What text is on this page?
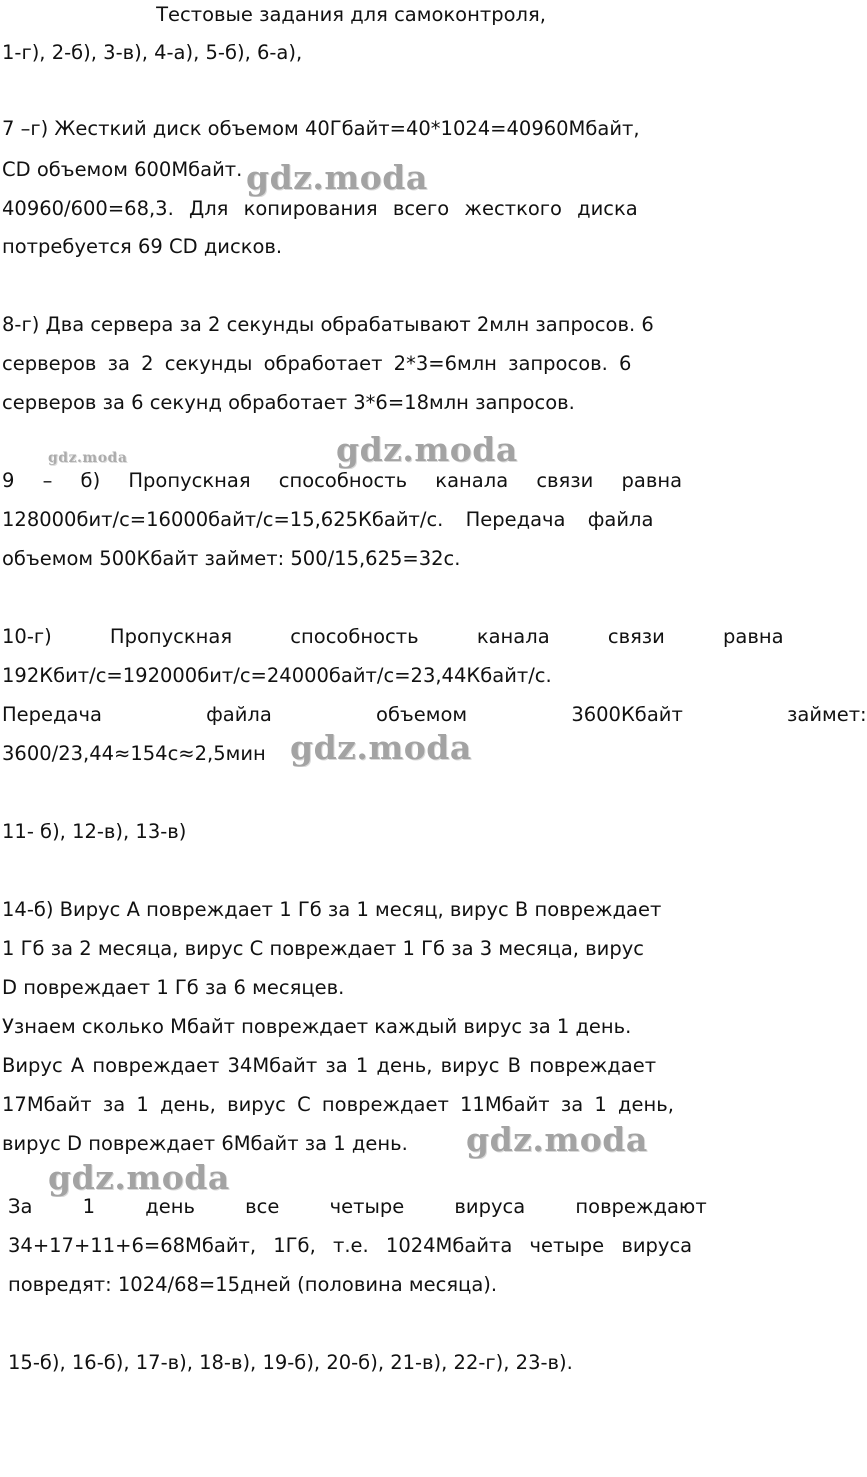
Тестовые задания для самоконтроля,
1-г), 2-б), 3-в), 4-а), 5-б), 6-а),
7 –г) Жесткий диск объемом 40Гбайт=40*1024=40960Мбайт,
CD объемом 600Мбайт.
40960/600=68,3. Для копирования всего жесткого диска
потребуется 69 CD дисков.
8-г) Два сервера за 2 секунды обрабатывают 2млн запросов. 6
серверов за 2 секунды обработает 2*3=6млн запросов. 6
серверов за 6 секунд обработает 3*6=18млн запросов.
9 – б) Пропускная способность канала связи равна
128000бит/с=16000байт/с=15,625Кбайт/с. Передача файла
объемом 500Кбайт займет: 500/15,625=32с.
10-г) Пропускная способность канала связи равна
192Кбит/с=192000бит/с=24000байт/с=23,44Кбайт/с.
Передача файла объемом 3600Кбайт займет:
3600/23,44≈154с≈2,5мин
11- б), 12-в), 13-в)
14-б) Вирус А повреждает 1 Гб за 1 месяц, вирус В повреждает
1 Гб за 2 месяца, вирус С повреждает 1 Гб за 3 месяца, вирус
D повреждает 1 Гб за 6 месяцев.
Узнаем сколько Мбайт повреждает каждый вирус за 1 день.
Вирус А повреждает 34Мбайт за 1 день, вирус В повреждает
17Мбайт за 1 день, вирус С повреждает 11Мбайт за 1 день,
вирус D повреждает 6Мбайт за 1 день.
За 1 день все четыре вируса повреждают
34+17+11+6=68Мбайт, 1Гб, т.е. 1024Мбайта четыре вируса
повредят: 1024/68=15дней (половина месяца).
15-б), 16-б), 17-в), 18-в), 19-б), 20-б), 21-в), 22-г), 23-в).
gdz.moda
gdz.moda	gdz.moda
gdz.moda
gdz.moda
gdz.moda
